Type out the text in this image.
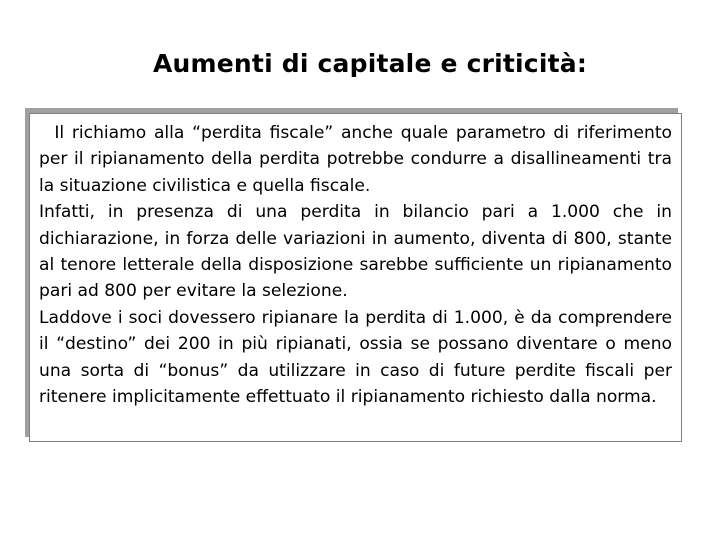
Aumenti di capitale e criticità:

Il richiamo alla “perdita fiscale” anche quale parametro di riferimento per il ripianamento della perdita potrebbe condurre a disallineamenti tra la situazione civilistica e quella fiscale.

Infatti, in presenza di una perdita in bilancio pari a 1.000 che in dichiarazione, in forza delle variazioni in aumento, diventa di 800, stante al tenore letterale della disposizione sarebbe sufficiente un ripianamento pari ad 800 per evitare la selezione.

Laddove i soci dovessero ripianare la perdita di 1.000, è da comprendere il “destino” dei 200 in più ripianati, ossia se possano diventare o meno una sorta di “bonus” da utilizzare in caso di future perdite fiscali per ritenere implicitamente effettuato il ripianamento richiesto dalla norma.
